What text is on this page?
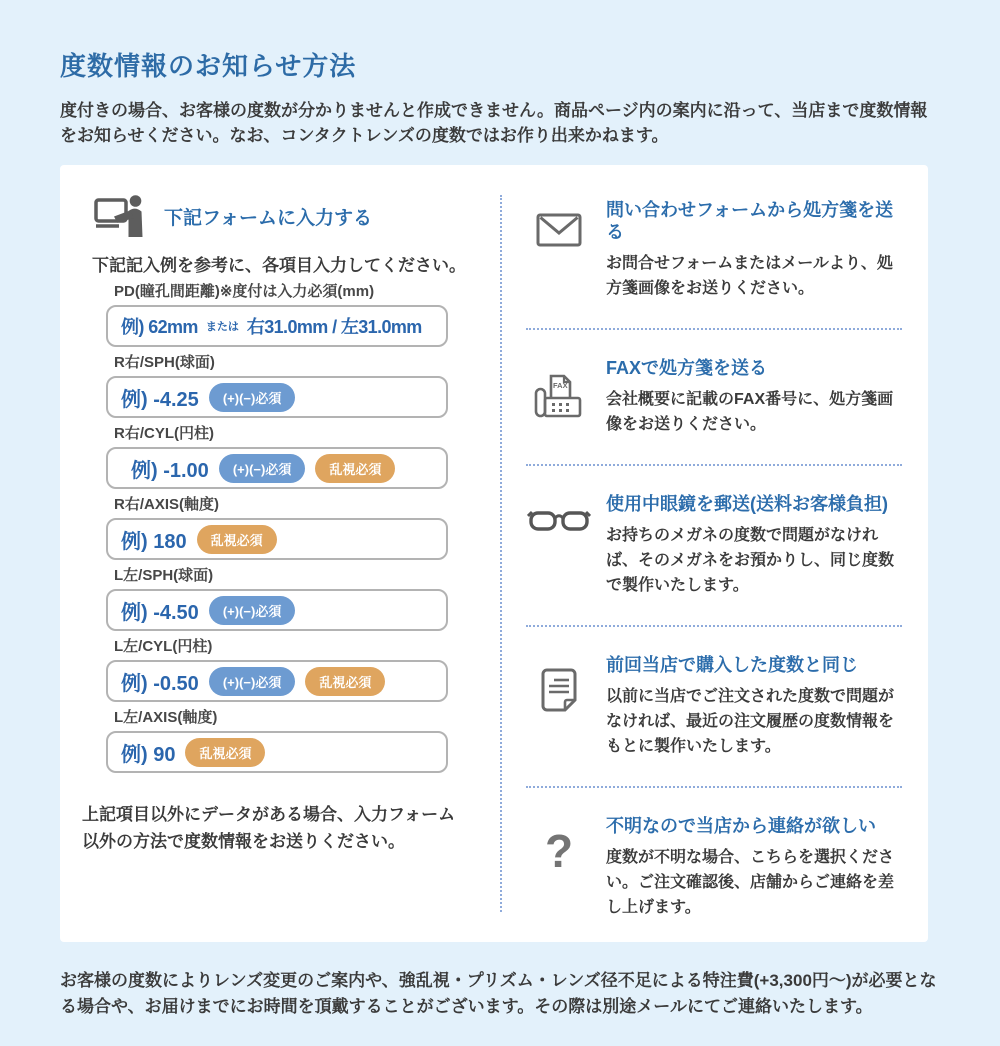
度数情報のお知らせ方法

度付きの場合、お客様の度数が分かりませんと作成できません。商品ページ内の案内に沿って、当店まで度数情報をお知らせください。なお、コンタクトレンズの度数ではお作り出来かねます。

下記フォームに入力する

下記記入例を参考に、各項目入力してください。

PD(瞳孔間距離)※度付は入力必須(mm)
例) 62mm または 右31.0mm / 左31.0mm
R右/SPH(球面)
例) -4.25	(+)(−)必須
R右/CYL(円柱)
例) -1.00	(+)(−)必須	乱視必須
R右/AXIS(軸度)
例) 180	乱視必須
L左/SPH(球面)
例) -4.50	(+)(−)必須
L左/CYL(円柱)
例) -0.50	(+)(−)必須	乱視必須
L左/AXIS(軸度)
例) 90	乱視必須

上記項目以外にデータがある場合、入力フォーム以外の方法で度数情報をお送りください。

問い合わせフォームから処方箋を送る
お問合せフォームまたはメールより、処方箋画像をお送りください。
FAX
FAXで処方箋を送る
会社概要に記載のFAX番号に、処方箋画像をお送りください。
使用中眼鏡を郵送(送料お客様負担)
お持ちのメガネの度数で問題がなければ、そのメガネをお預かりし、同じ度数で製作いたします。
前回当店で購入した度数と同じ
以前に当店でご注文された度数で問題がなければ、最近の注文履歴の度数情報をもとに製作いたします。
? 不明なので当店から連絡が欲しい
度数が不明な場合、こちらを選択ください。ご注文確認後、店舗からご連絡を差し上げます。

お客様の度数によりレンズ変更のご案内や、強乱視・プリズム・レンズ径不足による特注費(+3,300円〜)が必要となる場合や、お届けまでにお時間を頂戴することがございます。その際は別途メールにてご連絡いたします。
